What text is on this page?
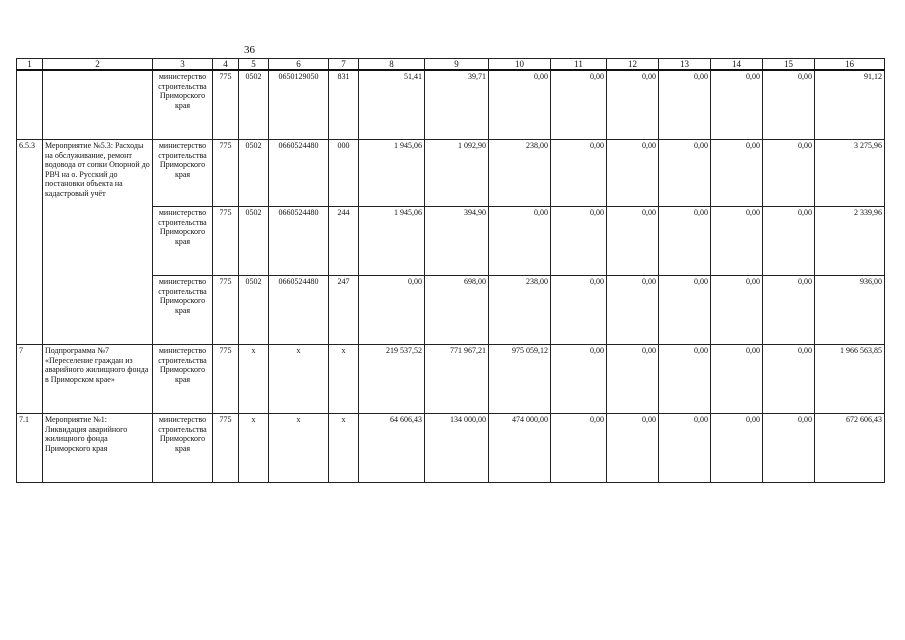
36
1	2	3	4	5	6	7	8	9	10	11	12	13	14	15	16
		министерство строительства Приморского края	775	0502	0650129050	831	51,41	39,71	0,00	0,00	0,00	0,00	0,00	0,00	91,12
6.5.3	Мероприятие №5.3: Расходы на обслуживание, ремонт водовода от сопки Опорной до РВЧ на о. Русский до постановки объекта на кадастровый учёт	министерство строительства Приморского края	775	0502	0660524480	000	1 945,06	1 092,90	238,00	0,00	0,00	0,00	0,00	0,00	3 275,96
		министерство строительства Приморского края	775	0502	0660524480	244	1 945,06	394,90	0,00	0,00	0,00	0,00	0,00	0,00	2 339,96
		министерство строительства Приморского края	775	0502	0660524480	247	0,00	698,00	238,00	0,00	0,00	0,00	0,00	0,00	936,00
7	Подпрограмма №7 «Переселение граждан из аварийного жилищного фонда в Приморском крае»	министерство строительства Приморского края	775	х	х	х	219 537,52	771 967,21	975 059,12	0,00	0,00	0,00	0,00	0,00	1 966 563,85
7.1	Мероприятие №1: Ликвидация аварийного жилищного фонда Приморского края	министерство строительства Приморского края	775	х	х	х	64 606,43	134 000,00	474 000,00	0,00	0,00	0,00	0,00	0,00	672 606,43
